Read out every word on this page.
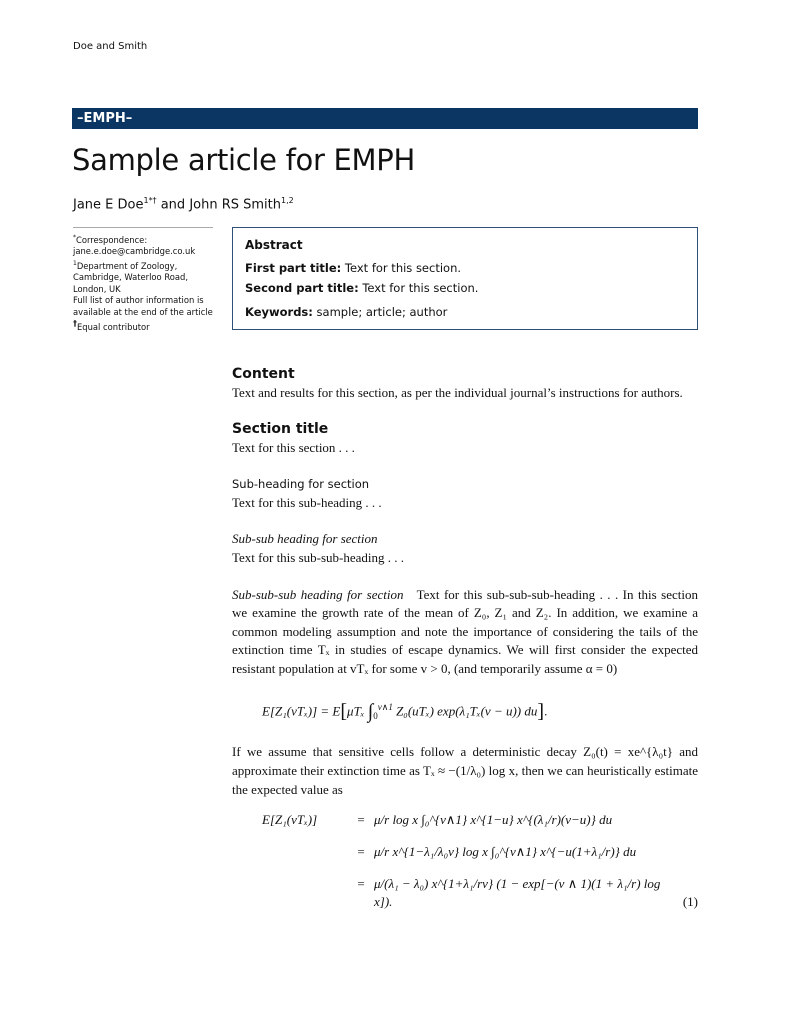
Doe and Smith
–EMPH–
Sample article for EMPH
Jane E Doe$^{1*\dagger}$ and John RS Smith$^{1,2}$
*Correspondence:
jane.e.doe@cambridge.co.uk
$^1$Department of Zoology, Cambridge, Waterloo Road, London, UK
Full list of author information is available at the end of the article
†Equal contributor
Abstract
First part title: Text for this section.
Second part title: Text for this section.
Keywords: sample; article; author
Content

Text and results for this section, as per the individual journal’s instructions for authors.

Section title

Text for this section . . .

Sub-heading for section

Text for this sub-heading . . .

Sub-sub heading for section

Text for this sub-sub-heading . . .

Sub-sub-sub heading for section Text for this sub-sub-sub-heading . . . In this section we examine the growth rate of the mean of Z₀, Z₁ and Z₂. In addition, we examine a common modeling assumption and note the importance of considering the tails of the extinction time Tₓ in studies of escape dynamics. We will first consider the expected resistant population at vTₓ for some v > 0, (and temporarily assume α = 0)

E[Z₁(vTₓ)] = E[μTₓ $\int_0^{v\wedge 1}$ Z₀(uTₓ) exp(λ₁Tₓ(v − u)) du].

If we assume that sensitive cells follow a deterministic decay Z₀(t) = xe^{λ₀t} and approximate their extinction time as Tₓ ≈ −(1/λ₀) log x, then we can heuristically estimate the expected value as

E[Z₁(vTₓ)]	=	μ/r log x ∫₀^{v∧1} x^{1−u} x^{(λ₁/r)(v−u)} du	
	=	μ/r x^{1−λ₁/λ₀v} log x ∫₀^{v∧1} x^{−u(1+λ₁/r)} du	
	=	μ/(λ₁ − λ₀) x^{1+λ₁/rv} (1 − exp[−(v ∧ 1)(1 + λ₁/r) log x]).	(1)
